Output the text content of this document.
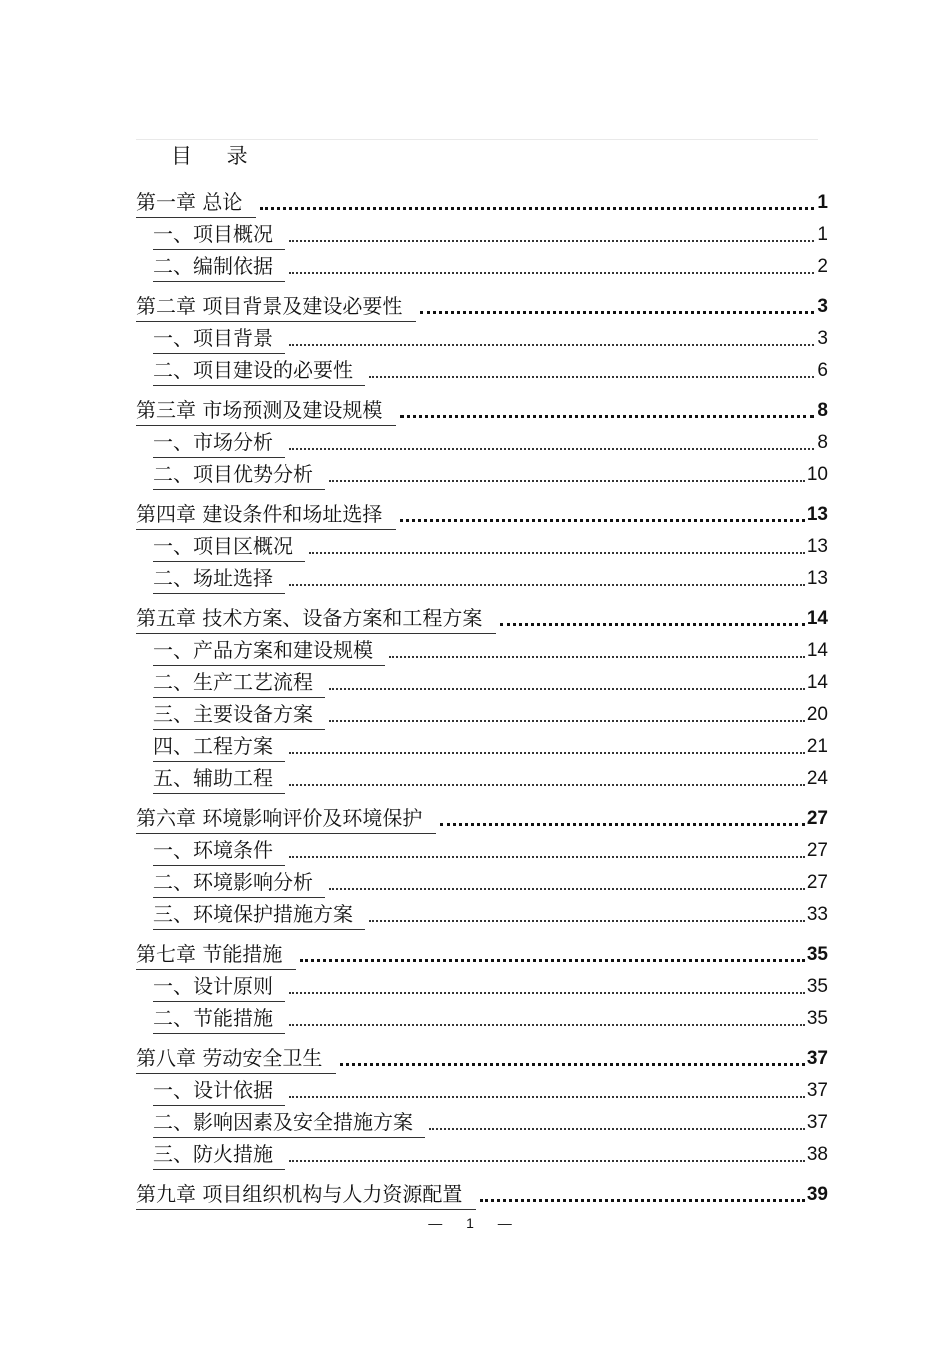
目 录
第一章 总论	1
一、项目概况	1
二、编制依据	2
第二章 项目背景及建设必要性	3
一、项目背景	3
二、项目建设的必要性	6
第三章 市场预测及建设规模	8
一、市场分析	8
二、项目优势分析	10
第四章 建设条件和场址选择	13
一、项目区概况	13
二、场址选择	13
第五章 技术方案、设备方案和工程方案	14
一、产品方案和建设规模	14
二、生产工艺流程	14
三、主要设备方案	20
四、工程方案	21
五、辅助工程	24
第六章 环境影响评价及环境保护	27
一、环境条件	27
二、环境影响分析	27
三、环境保护措施方案	33
第七章 节能措施	35
一、设计原则	35
二、节能措施	35
第八章 劳动安全卫生	37
一、设计依据	37
二、影响因素及安全措施方案	37
三、防火措施	38
第九章 项目组织机构与人力资源配置	39
— 1 —
